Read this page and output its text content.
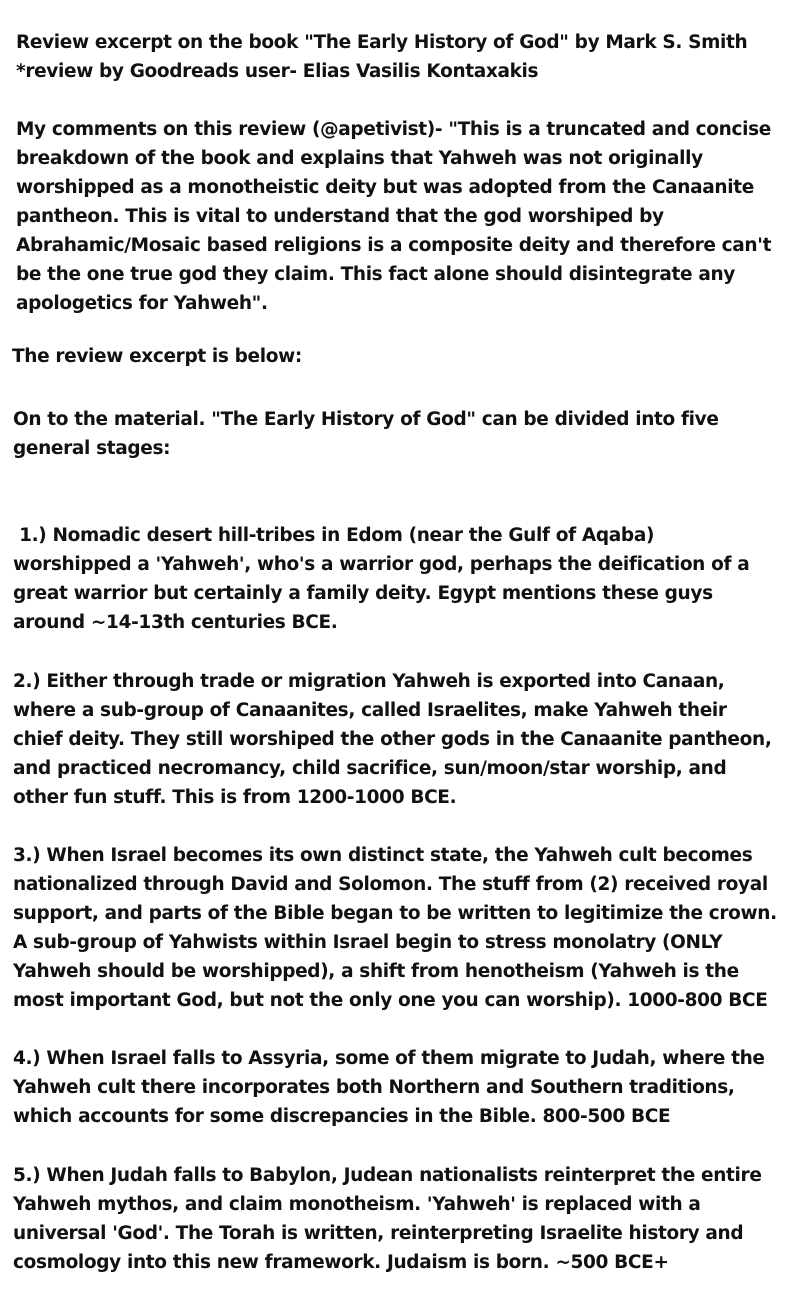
Review excerpt on the book "The Early History of God" by Mark S. Smith
*review by Goodreads user- Elias Vasilis Kontaxakis

My comments on this review (@apetivist)- "This is a truncated and concise
breakdown of the book and explains that Yahweh was not originally
worshipped as a monotheistic deity but was adopted from the Canaanite
pantheon. This is vital to understand that the god worshiped by
Abrahamic/Mosaic based religions is a composite deity and therefore can't
be the one true god they claim. This fact alone should disintegrate any
apologetics for Yahweh".

The review excerpt is below:

On to the material. "The Early History of God" can be divided into five
general stages:

1.) Nomadic desert hill-tribes in Edom (near the Gulf of Aqaba)
worshipped a 'Yahweh', who's a warrior god, perhaps the deification of a
great warrior but certainly a family deity. Egypt mentions these guys
around ~14-13th centuries BCE.

2.) Either through trade or migration Yahweh is exported into Canaan,
where a sub-group of Canaanites, called Israelites, make Yahweh their
chief deity. They still worshiped the other gods in the Canaanite pantheon,
and practiced necromancy, child sacrifice, sun/moon/star worship, and
other fun stuff. This is from 1200-1000 BCE.

3.) When Israel becomes its own distinct state, the Yahweh cult becomes
nationalized through David and Solomon. The stuff from (2) received royal
support, and parts of the Bible began to be written to legitimize the crown.
A sub-group of Yahwists within Israel begin to stress monolatry (ONLY
Yahweh should be worshipped), a shift from henotheism (Yahweh is the
most important God, but not the only one you can worship). 1000-800 BCE

4.) When Israel falls to Assyria, some of them migrate to Judah, where the
Yahweh cult there incorporates both Northern and Southern traditions,
which accounts for some discrepancies in the Bible. 800-500 BCE

5.) When Judah falls to Babylon, Judean nationalists reinterpret the entire
Yahweh mythos, and claim monotheism. 'Yahweh' is replaced with a
universal 'God'. The Torah is written, reinterpreting Israelite history and
cosmology into this new framework. Judaism is born. ~500 BCE+
